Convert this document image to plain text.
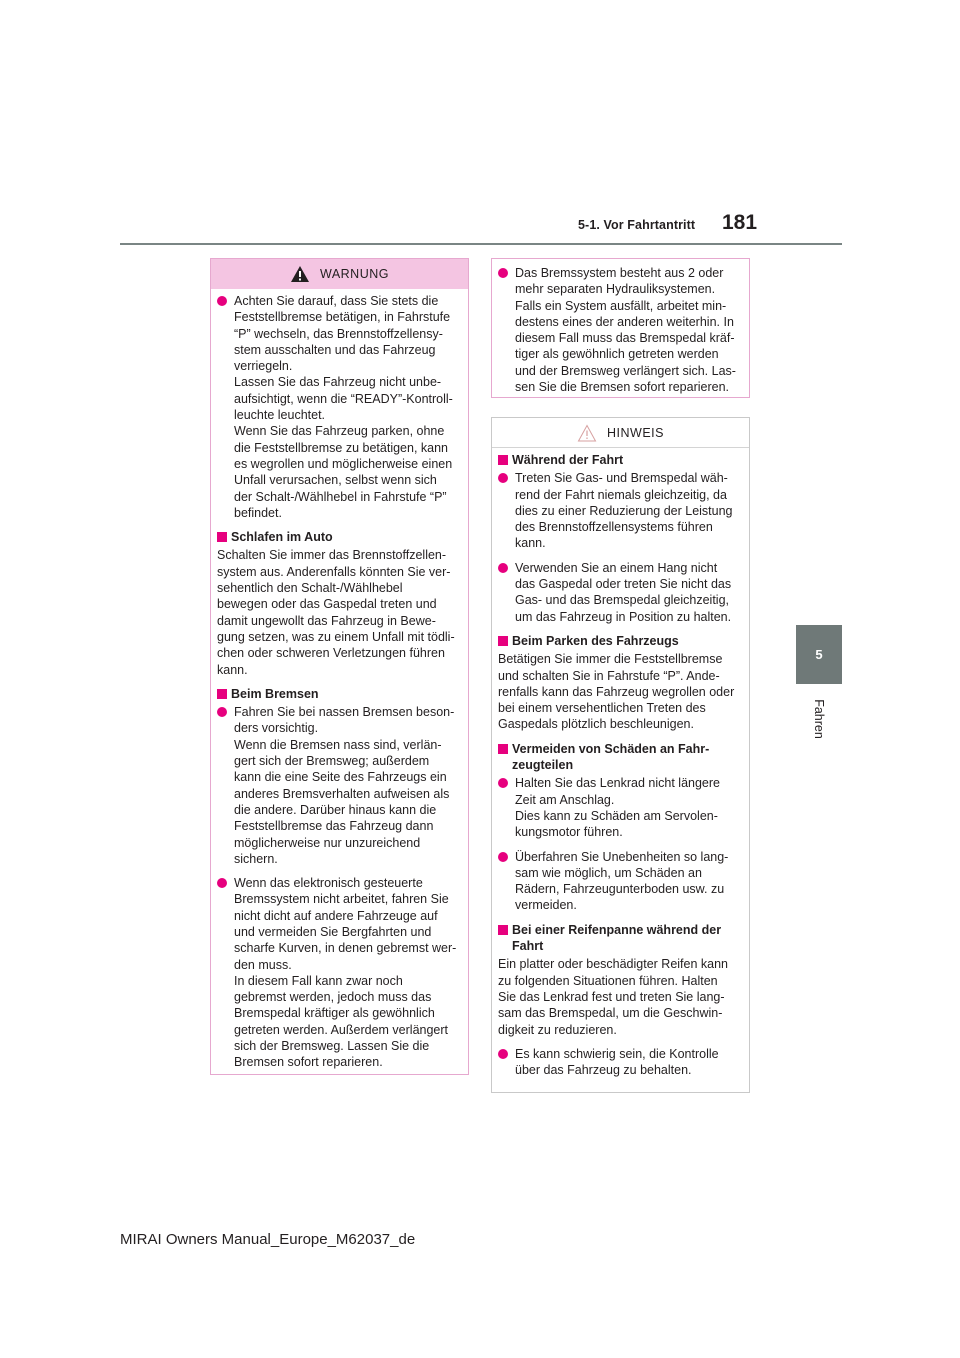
5-1. Vor Fahrtantritt 181
5
Fahren
WARNUNG
Achten Sie darauf, dass Sie stets die
Feststellbremse betätigen, in Fahrstufe
“P” wechseln, das Brennstoffzellensy-
stem ausschalten und das Fahrzeug
verriegeln.
Lassen Sie das Fahrzeug nicht unbe-
aufsichtigt, wenn die “READY”-Kontroll-
leuchte leuchtet.
Wenn Sie das Fahrzeug parken, ohne
die Feststellbremse zu betätigen, kann
es wegrollen und möglicherweise einen
Unfall verursachen, selbst wenn sich
der Schalt-/Wählhebel in Fahrstufe “P”
befindet.
Schlafen im Auto
Schalten Sie immer das Brennstoffzellen-
system aus. Anderenfalls könnten Sie ver-
sehentlich den Schalt-/Wählhebel
bewegen oder das Gaspedal treten und
damit ungewollt das Fahrzeug in Bewe-
gung setzen, was zu einem Unfall mit tödli-
chen oder schweren Verletzungen führen
kann.
Beim Bremsen
Fahren Sie bei nassen Bremsen beson-
ders vorsichtig.
Wenn die Bremsen nass sind, verlän-
gert sich der Bremsweg; außerdem
kann die eine Seite des Fahrzeugs ein
anderes Bremsverhalten aufweisen als
die andere. Darüber hinaus kann die
Feststellbremse das Fahrzeug dann
möglicherweise nur unzureichend
sichern.
Wenn das elektronisch gesteuerte
Bremssystem nicht arbeitet, fahren Sie
nicht dicht auf andere Fahrzeuge auf
und vermeiden Sie Bergfahrten und
scharfe Kurven, in denen gebremst wer-
den muss.
In diesem Fall kann zwar noch
gebremst werden, jedoch muss das
Bremspedal kräftiger als gewöhnlich
getreten werden. Außerdem verlängert
sich der Bremsweg. Lassen Sie die
Bremsen sofort reparieren.
Das Bremssystem besteht aus 2 oder
mehr separaten Hydrauliksystemen.
Falls ein System ausfällt, arbeitet min-
destens eines der anderen weiterhin. In
diesem Fall muss das Bremspedal kräf-
tiger als gewöhnlich getreten werden
und der Bremsweg verlängert sich. Las-
sen Sie die Bremsen sofort reparieren.
HINWEIS
Während der Fahrt
Treten Sie Gas- und Bremspedal wäh-
rend der Fahrt niemals gleichzeitig, da
dies zu einer Reduzierung der Leistung
des Brennstoffzellensystems führen
kann.
Verwenden Sie an einem Hang nicht
das Gaspedal oder treten Sie nicht das
Gas- und das Bremspedal gleichzeitig,
um das Fahrzeug in Position zu halten.
Beim Parken des Fahrzeugs
Betätigen Sie immer die Feststellbremse
und schalten Sie in Fahrstufe “P”. Ande-
renfalls kann das Fahrzeug wegrollen oder
bei einem versehentlichen Treten des
Gaspedals plötzlich beschleunigen.
Vermeiden von Schäden an Fahr-
zeugteilen
Halten Sie das Lenkrad nicht längere
Zeit am Anschlag.
Dies kann zu Schäden am Servolen-
kungsmotor führen.
Überfahren Sie Unebenheiten so lang-
sam wie möglich, um Schäden an
Rädern, Fahrzeugunterboden usw. zu
vermeiden.
Bei einer Reifenpanne während der
Fahrt
Ein platter oder beschädigter Reifen kann
zu folgenden Situationen führen. Halten
Sie das Lenkrad fest und treten Sie lang-
sam das Bremspedal, um die Geschwin-
digkeit zu reduzieren.
Es kann schwierig sein, die Kontrolle
über das Fahrzeug zu behalten.
MIRAI Owners Manual_Europe_M62037_de
